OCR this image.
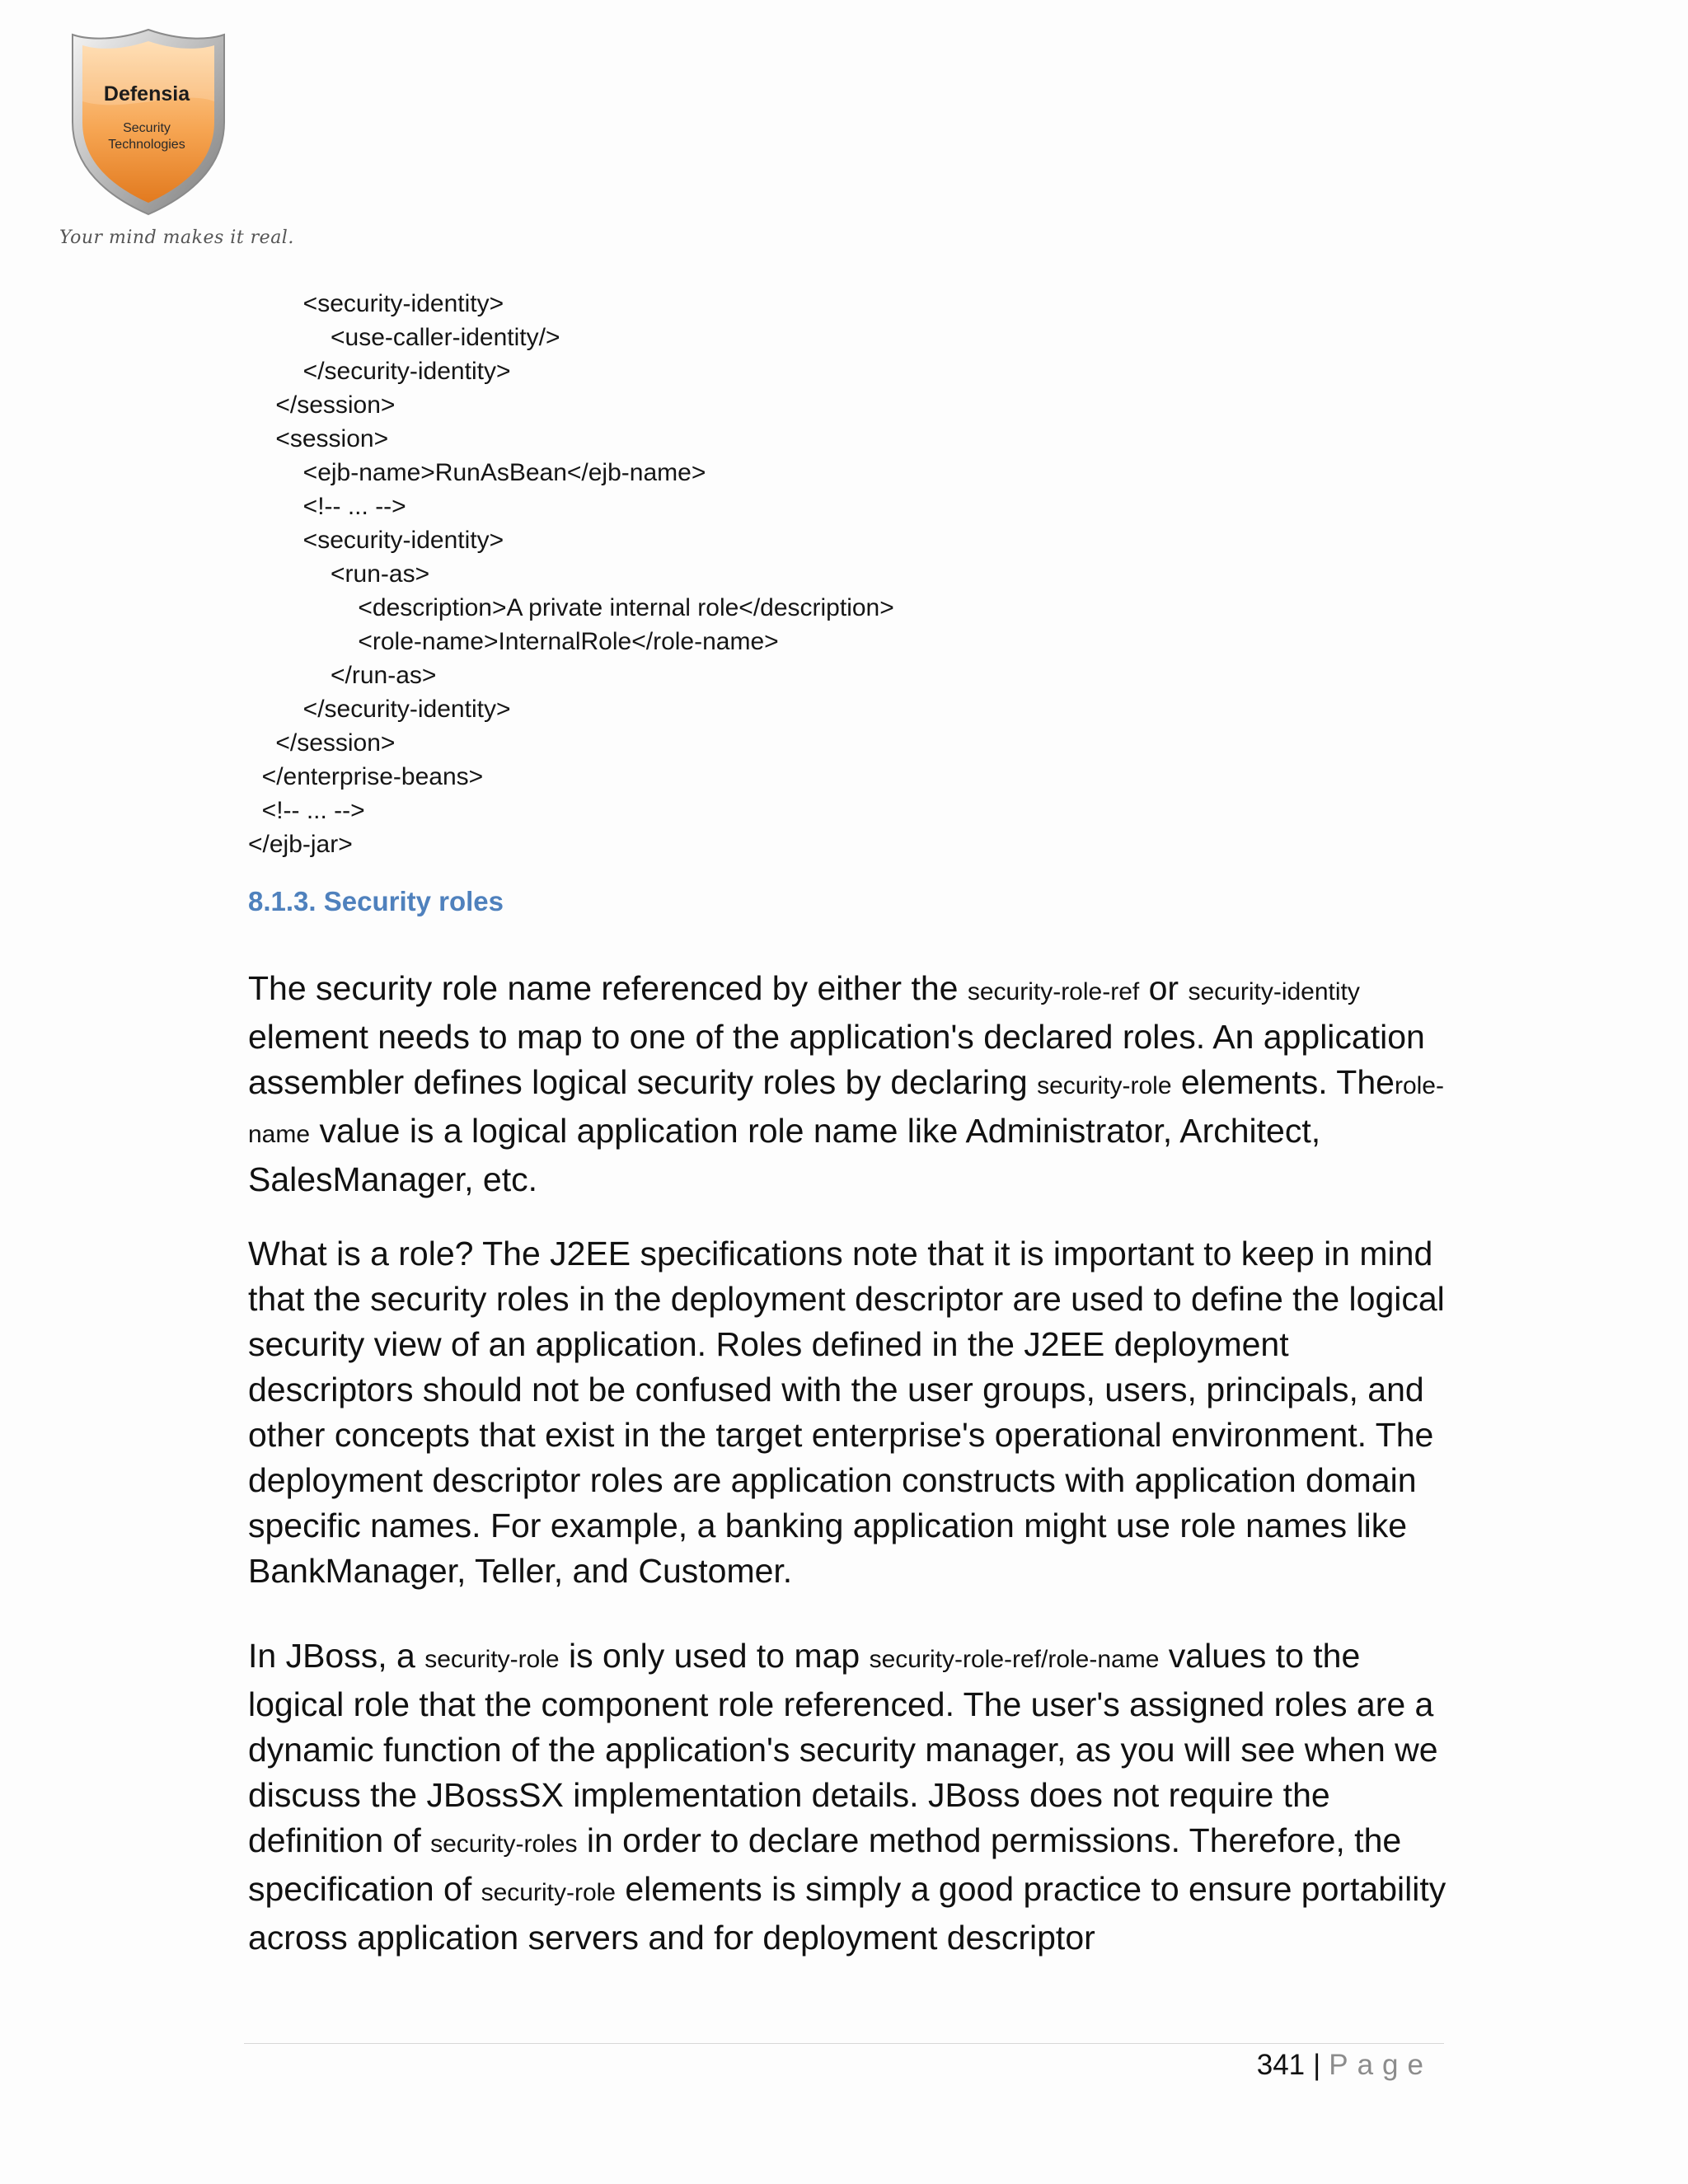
Defensia
Security
Technologies
Your mind makes it real.
<security-identity>
<use-caller-identity/>
</security-identity>
</session>
<session>
<ejb-name>RunAsBean</ejb-name>
<!-- ... -->
<security-identity>
<run-as>
<description>A private internal role</description>
<role-name>InternalRole</role-name>
</run-as>
</security-identity>
</session>
</enterprise-beans>
<!-- ... -->
</ejb-jar>
8.1.3. Security roles
The security role name referenced by either the security-role-ref or security-identity element needs to map to one of the application's declared roles. An application assembler defines logical security roles by declaring security-role elements. Therole-name value is a logical application role name like Administrator, Architect, SalesManager, etc.
What is a role? The J2EE specifications note that it is important to keep in mind that the security roles in the deployment descriptor are used to define the logical security view of an application. Roles defined in the J2EE deployment descriptors should not be confused with the user groups, users, principals, and other concepts that exist in the target enterprise's operational environment. The deployment descriptor roles are application constructs with application domain specific names. For example, a banking application might use role names like BankManager, Teller, and Customer.
In JBoss, a security-role is only used to map security-role-ref/role-name values to the logical role that the component role referenced. The user's assigned roles are a dynamic function of the application's security manager, as you will see when we discuss the JBossSX implementation details. JBoss does not require the definition of security-roles in order to declare method permissions. Therefore, the specification of security-role elements is simply a good practice to ensure portability across application servers and for deployment descriptor
341 | Page
